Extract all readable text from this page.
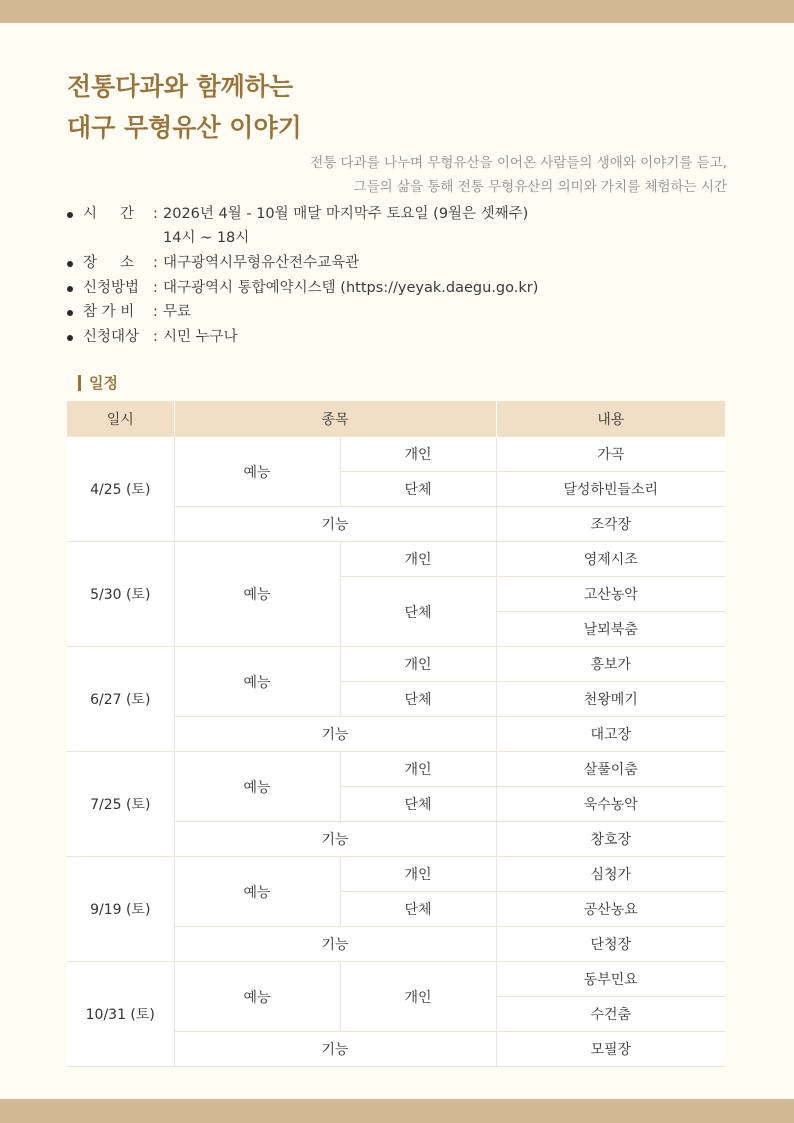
전통다과와 함께하는
대구 무형유산 이야기

전통 다과를 나누며 무형유산을 이어온 사람들의 생애와 이야기를 듣고,
그들의 삶을 통해 전통 무형유산의 의미와 가치를 체험하는 시간

시     간	: 2026년 4월 - 10월 매달 마지막주 토요일 (9월은 셋째주)
14시 ~ 18시
장     소	: 대구광역시무형유산전수교육관
신청방법 : 대구광역시 통합예약시스템 (https://yeyak.daegu.go.kr)
참 가 비	: 무료
신청대상 : 시민 누구나
일정
일시	종목		내용
4/25 (토)	예능	개인	가곡
		단체	달성하빈들소리
	기능		조각장
5/30 (토)	예능	개인	영제시조
		단체	고산농악
			날뫼북춤
6/27 (토)	예능	개인	흥보가
		단체	천왕메기
	기능		대고장
7/25 (토)	예능	개인	살풀이춤
		단체	욱수농악
	기능		창호장
9/19 (토)	예능	개인	심청가
		단체	공산농요
	기능		단청장
10/31 (토)	예능	개인	동부민요
			수건춤
	기능		모필장
